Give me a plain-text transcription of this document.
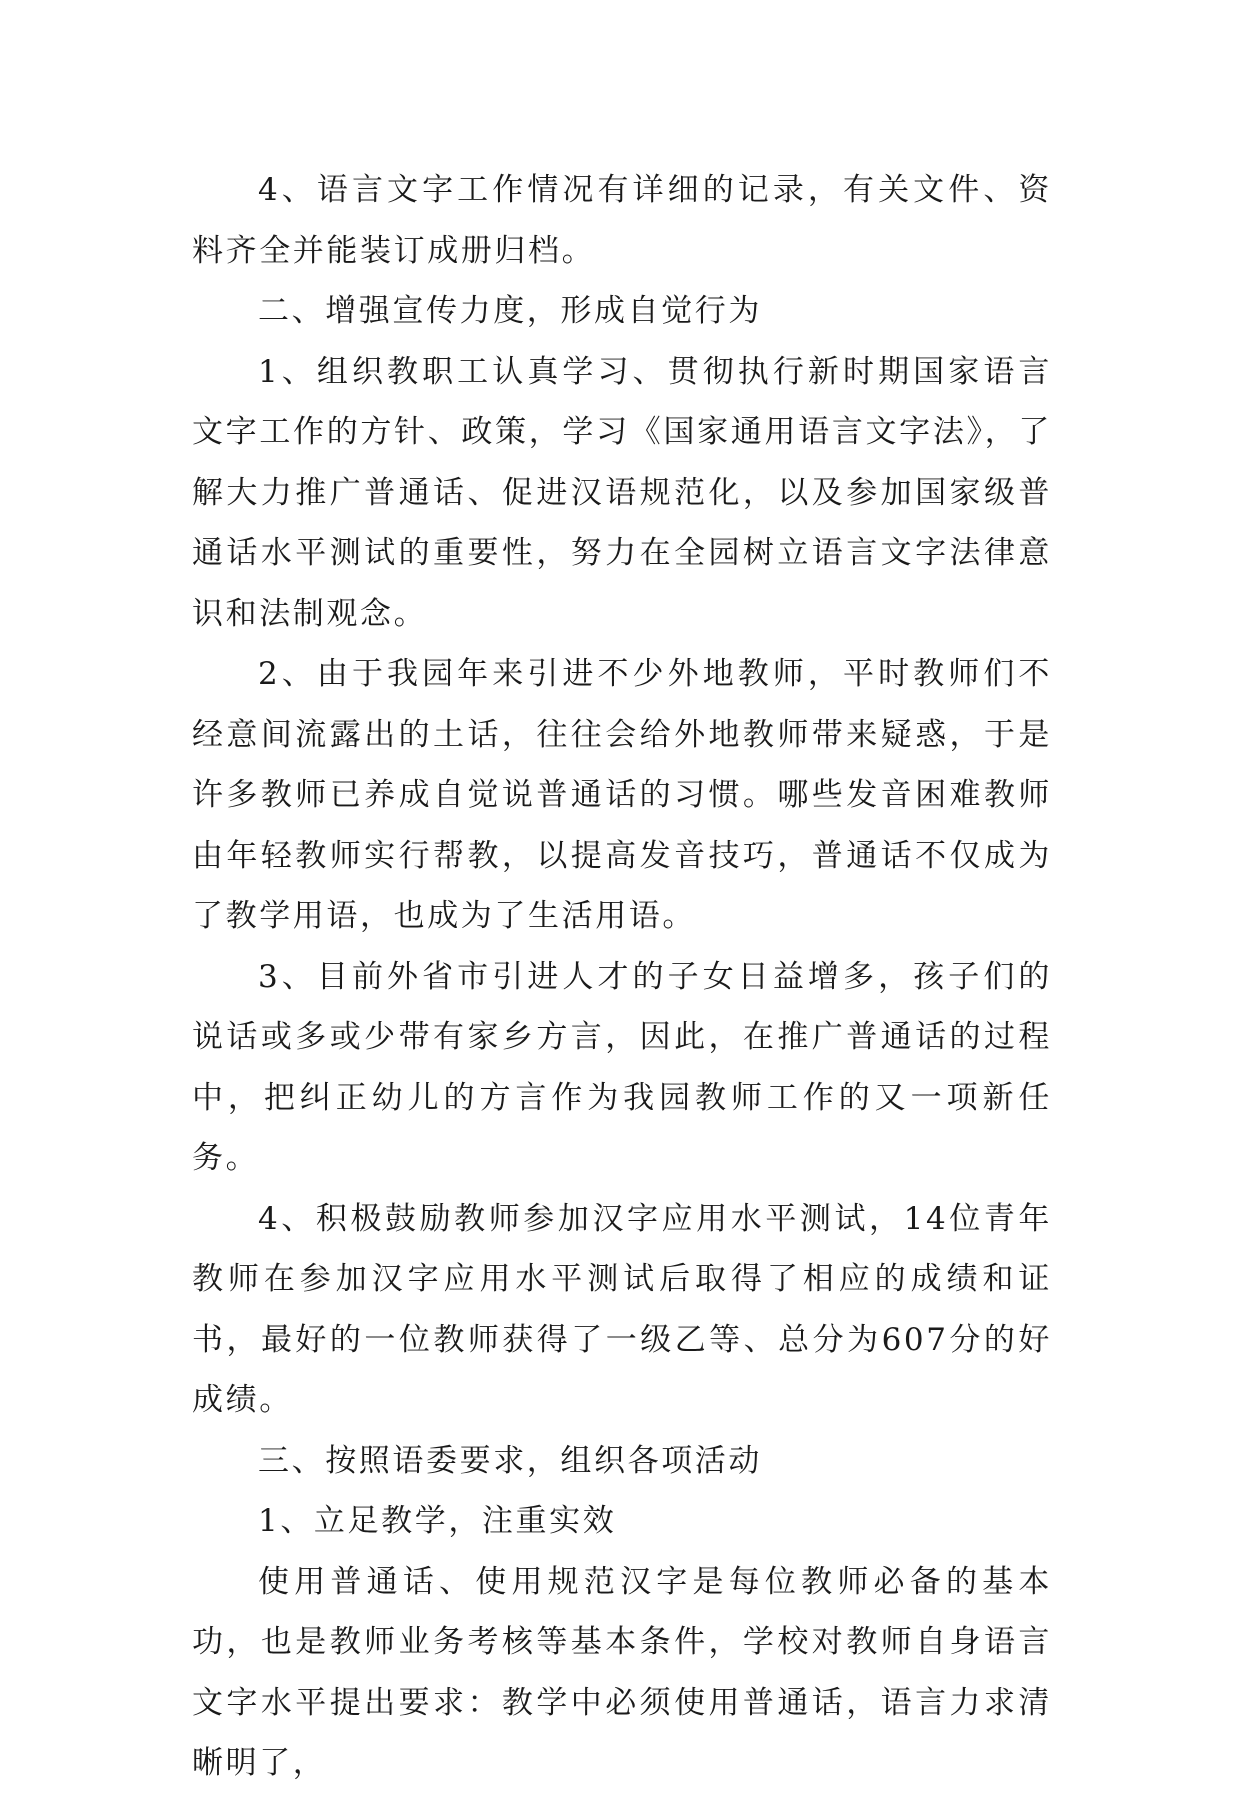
4、语言文字工作情况有详细的记录，有关文件、资料齐全并能装订成册归档。

二、增强宣传力度，形成自觉行为

1、组织教职工认真学习、贯彻执行新时期国家语言文字工作的方针、政策，学习《国家通用语言文字法》，了解大力推广普通话、促进汉语规范化，以及参加国家级普通话水平测试的重要性，努力在全园树立语言文字法律意识和法制观念。

2、由于我园年来引进不少外地教师，平时教师们不经意间流露出的土话，往往会给外地教师带来疑惑，于是许多教师已养成自觉说普通话的习惯。哪些发音困难教师由年轻教师实行帮教，以提高发音技巧，普通话不仅成为了教学用语，也成为了生活用语。

3、目前外省市引进人才的子女日益增多，孩子们的说话或多或少带有家乡方言，因此，在推广普通话的过程中，把纠正幼儿的方言作为我园教师工作的又一项新任务。

4、积极鼓励教师参加汉字应用水平测试，14位青年教师在参加汉字应用水平测试后取得了相应的成绩和证书，最好的一位教师获得了一级乙等、总分为607分的好成绩。

三、按照语委要求，组织各项活动

1、立足教学，注重实效

使用普通话、使用规范汉字是每位教师必备的基本功，也是教师业务考核等基本条件，学校对教师自身语言文字水平提出要求：教学中必须使用普通话，语言力求清晰明了，
